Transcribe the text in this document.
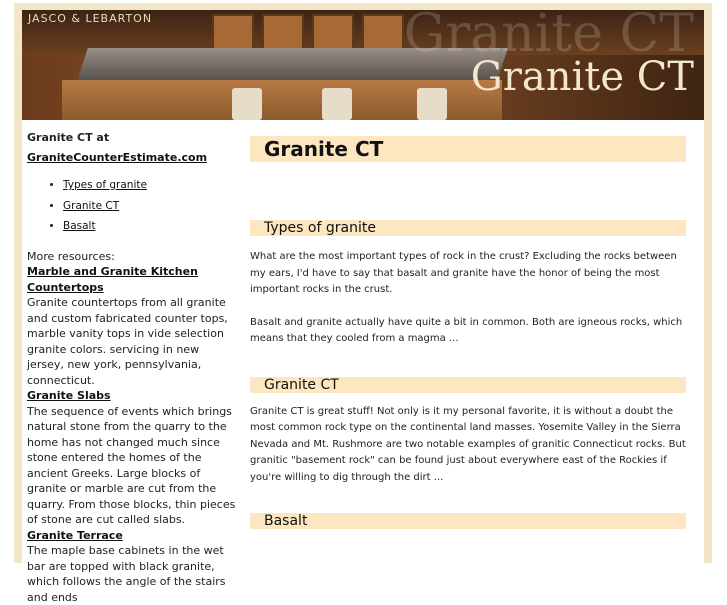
JASCO & LEBARTON	Granite CT
Granite CT
Granite CT at
GraniteCounterEstimate.com
• Types of granite
• Granite CT
• Basalt
More resources:
Marble and Granite Kitchen Countertops
Granite countertops from all granite and custom fabricated counter tops, marble vanity tops in vide selection granite colors. servicing in new jersey, new york, pennsylvania, connecticut.
Granite Slabs
The sequence of events which brings natural stone from the quarry to the home has not changed much since stone entered the homes of the ancient Greeks. Large blocks of granite or marble are cut from the quarry. From those blocks, thin pieces of stone are cut called slabs.
Granite Terrace
The maple base cabinets in the wet bar are topped with black granite, which follows the angle of the stairs and ends
Granite CT
Types of granite

What are the most important types of rock in the crust? Excluding the rocks between my ears, I'd have to say that basalt and granite have the honor of being the most important rocks in the crust.

Basalt and granite actually have quite a bit in common. Both are igneous rocks, which means that they cooled from a magma ...

Granite CT

Granite CT is great stuff! Not only is it my personal favorite, it is without a doubt the most common rock type on the continental land masses. Yosemite Valley in the Sierra Nevada and Mt. Rushmore are two notable examples of granitic Connecticut rocks. But granitic "basement rock" can be found just about everywhere east of the Rockies if you're willing to dig through the dirt ...

Basalt
